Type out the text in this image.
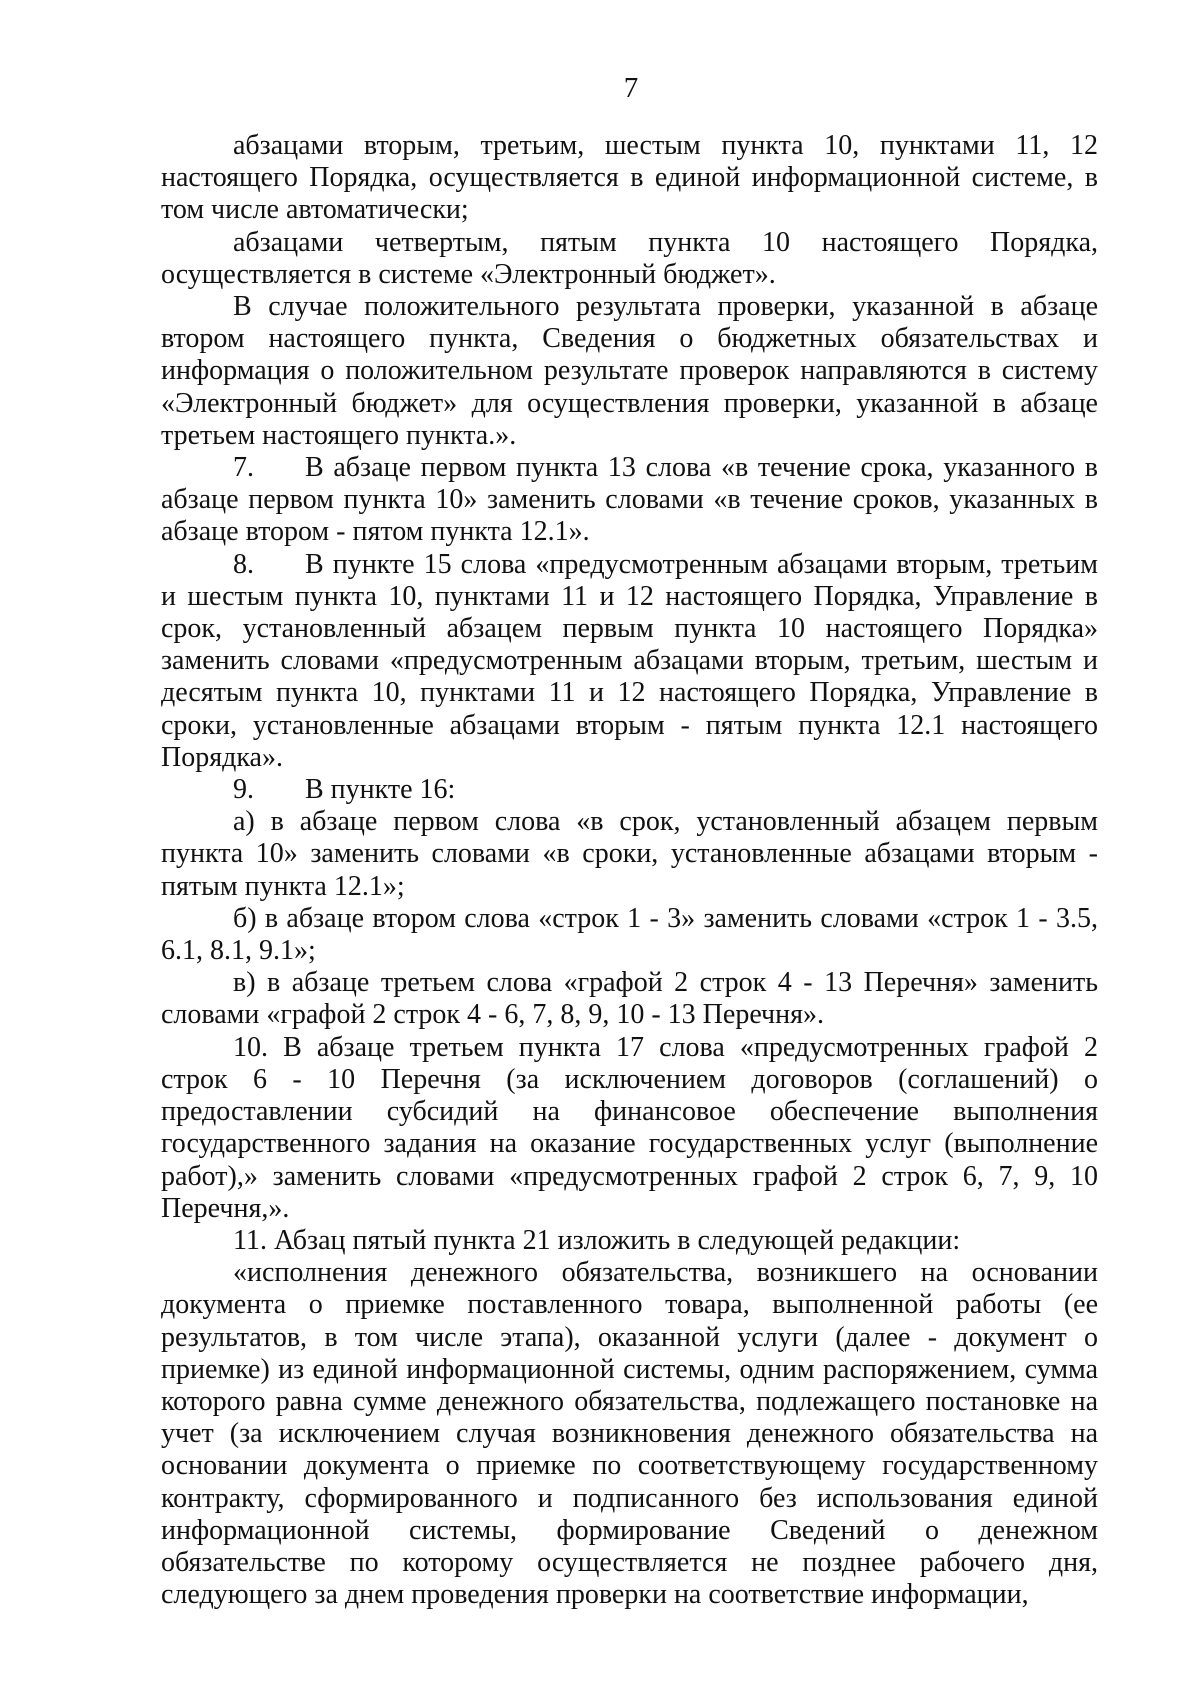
7

абзацами вторым, третьим, шестым пункта 10, пунктами 11, 12 настоящего Порядка, осуществляется в единой информационной системе, в том числе автоматически;

абзацами четвертым, пятым пункта 10 настоящего Порядка, осуществляется в системе «Электронный бюджет».

В случае положительного результата проверки, указанной в абзаце втором настоящего пункта, Сведения о бюджетных обязательствах и информация о положительном результате проверок направляются в систему «Электронный бюджет» для осуществления проверки, указанной в абзаце третьем настоящего пункта.».

7. В абзаце первом пункта 13 слова «в течение срока, указанного в абзаце первом пункта 10» заменить словами «в течение сроков, указанных в абзаце втором - пятом пункта 12.1».

8. В пункте 15 слова «предусмотренным абзацами вторым, третьим и шестым пункта 10, пунктами 11 и 12 настоящего Порядка, Управление в срок, установленный абзацем первым пункта 10 настоящего Порядка» заменить словами «предусмотренным абзацами вторым, третьим, шестым и десятым пункта 10, пунктами 11 и 12 настоящего Порядка, Управление в сроки, установленные абзацами вторым - пятым пункта 12.1 настоящего Порядка».

9. В пункте 16:

а) в абзаце первом слова «в срок, установленный абзацем первым пункта 10» заменить словами «в сроки, установленные абзацами вторым - пятым пункта 12.1»;

б) в абзаце втором слова «строк 1 - 3» заменить словами «строк 1 - 3.5, 6.1, 8.1, 9.1»;

в) в абзаце третьем слова «графой 2 строк 4 - 13 Перечня» заменить словами «графой 2 строк 4 - 6, 7, 8, 9, 10 - 13 Перечня».

10. В абзаце третьем пункта 17 слова «предусмотренных графой 2 строк 6 - 10 Перечня (за исключением договоров (соглашений) о предоставлении субсидий на финансовое обеспечение выполнения государственного задания на оказание государственных услуг (выполнение работ),» заменить словами «предусмотренных графой 2 строк 6, 7, 9, 10 Перечня,».

11. Абзац пятый пункта 21 изложить в следующей редакции:

«исполнения денежного обязательства, возникшего на основании документа о приемке поставленного товара, выполненной работы (ее результатов, в том числе этапа), оказанной услуги (далее - документ о приемке) из единой информационной системы, одним распоряжением, сумма которого равна сумме денежного обязательства, подлежащего постановке на учет (за исключением случая возникновения денежного обязательства на основании документа о приемке по соответствующему государственному контракту, сформированного и подписанного без использования единой информационной системы, формирование Сведений о денежном обязательстве по которому осуществляется не позднее рабочего дня, следующего за днем проведения проверки на соответствие информации,
